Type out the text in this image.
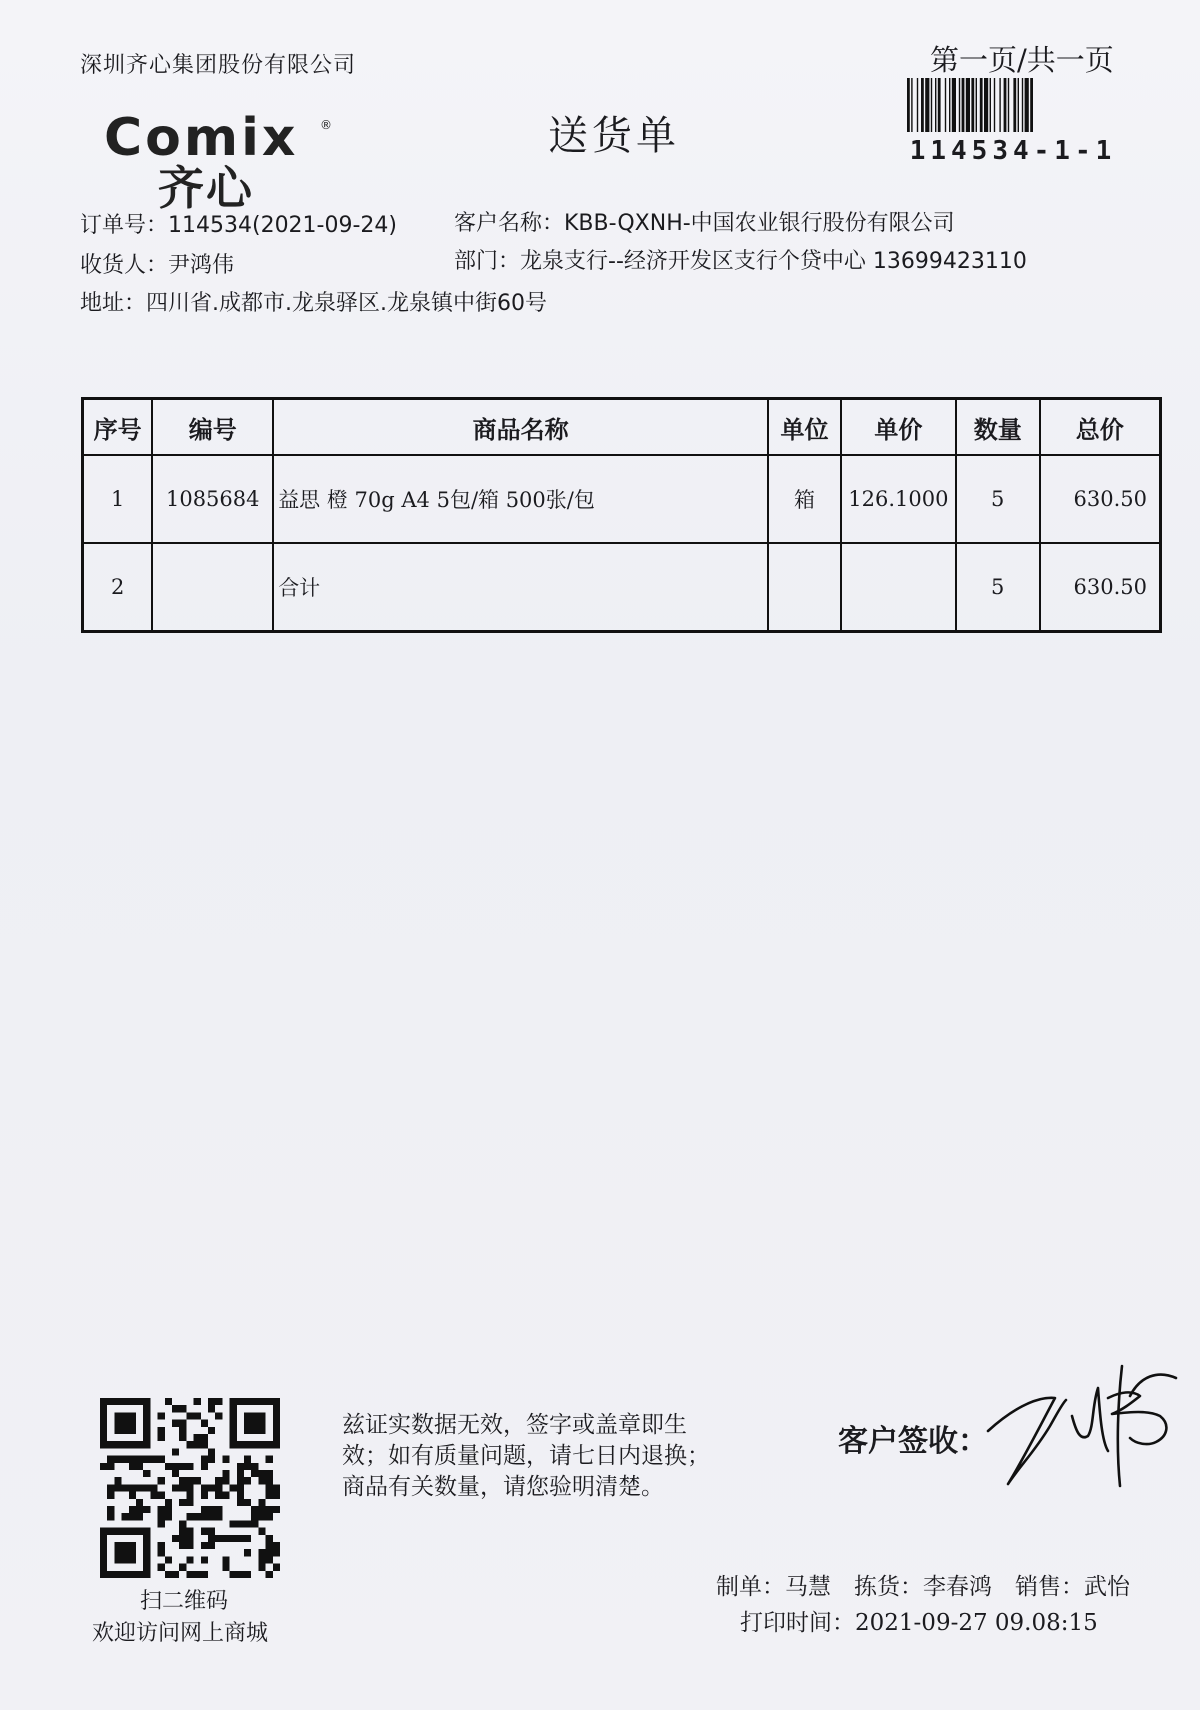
深圳齐心集团股份有限公司	第一页/共一页
114534-1-1
Comix ®
齐心
送货单
订单号：114534(2021-09-24)	客户名称：KBB-QXNH-中国农业银行股份有限公司
收货人：尹鸿伟	部门：龙泉支行--经济开发区支行个贷中心 13699423110
地址：四川省.成都市.龙泉驿区.龙泉镇中街60号
序号	编号	商品名称	单位	单价	数量	总价
1	1085684	益思 橙 70g A4 5包/箱 500张/包	箱	126.1000	5	630.50
2		合计			5	630.50
扫二维码
欢迎访问网上商城
兹证实数据无效，签字或盖章即生
效；如有质量问题，请七日内退换；
商品有关数量，请您验明清楚。
客户签收：
制单：马慧　拣货：李春鸿　销售：武怡
打印时间：2021-09-27 09.08:15
